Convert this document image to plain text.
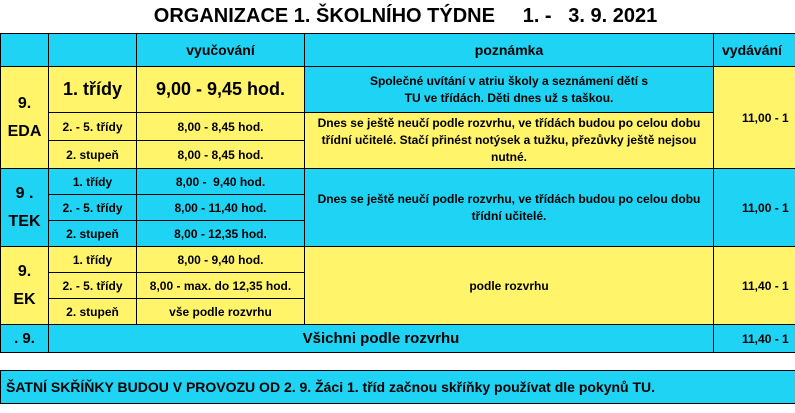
ORGANIZACE 1. ŠKOLNÍHO TÝDNE     1. -   3. 9. 2021				
		vyučování	poznámka	vydávání

9.
EDA	1. třídy	9,00 - 9,45 hod.	Společné uvítání v atriu školy a seznámení dětí s TU ve třídách. Děti dnes už s taškou.	11,00 - 1
	2. - 5. třídy	8,00 - 8,45 hod.	Dnes se ještě neučí podle rozvrhu, ve třídách budou po celou dobu třídní učitelé. Stačí přinést notýsek a tužku, přezůvky ještě nejsou nutné.	
	2. stupeň	8,00 - 8,45 hod.		

9 .
TEK	1. třídy	8,00 -  9,40 hod.	Dnes se ještě neučí podle rozvrhu, ve třídách budou po celou dobu třídní učitelé.	11,00 - 1
	2. - 5. třídy	8,00 - 11,40 hod.		
	2. stupeň	8,00 - 12,35 hod.		

9.
EK	1. třídy	8,00 - 9,40 hod.	podle rozvrhu	11,40 - 1
	2. - 5. třídy	8,00 - max. do 12,35 hod.		
	2. stupeň	vše podle rozvrhu		
. 9.	Všichni podle rozvrhu			11,40 - 1

ŠATNÍ SKŘÍŇKY BUDOU V PROVOZU OD 2. 9. Žáci 1. tříd začnou skříňky používat dle pokynů TU.				
